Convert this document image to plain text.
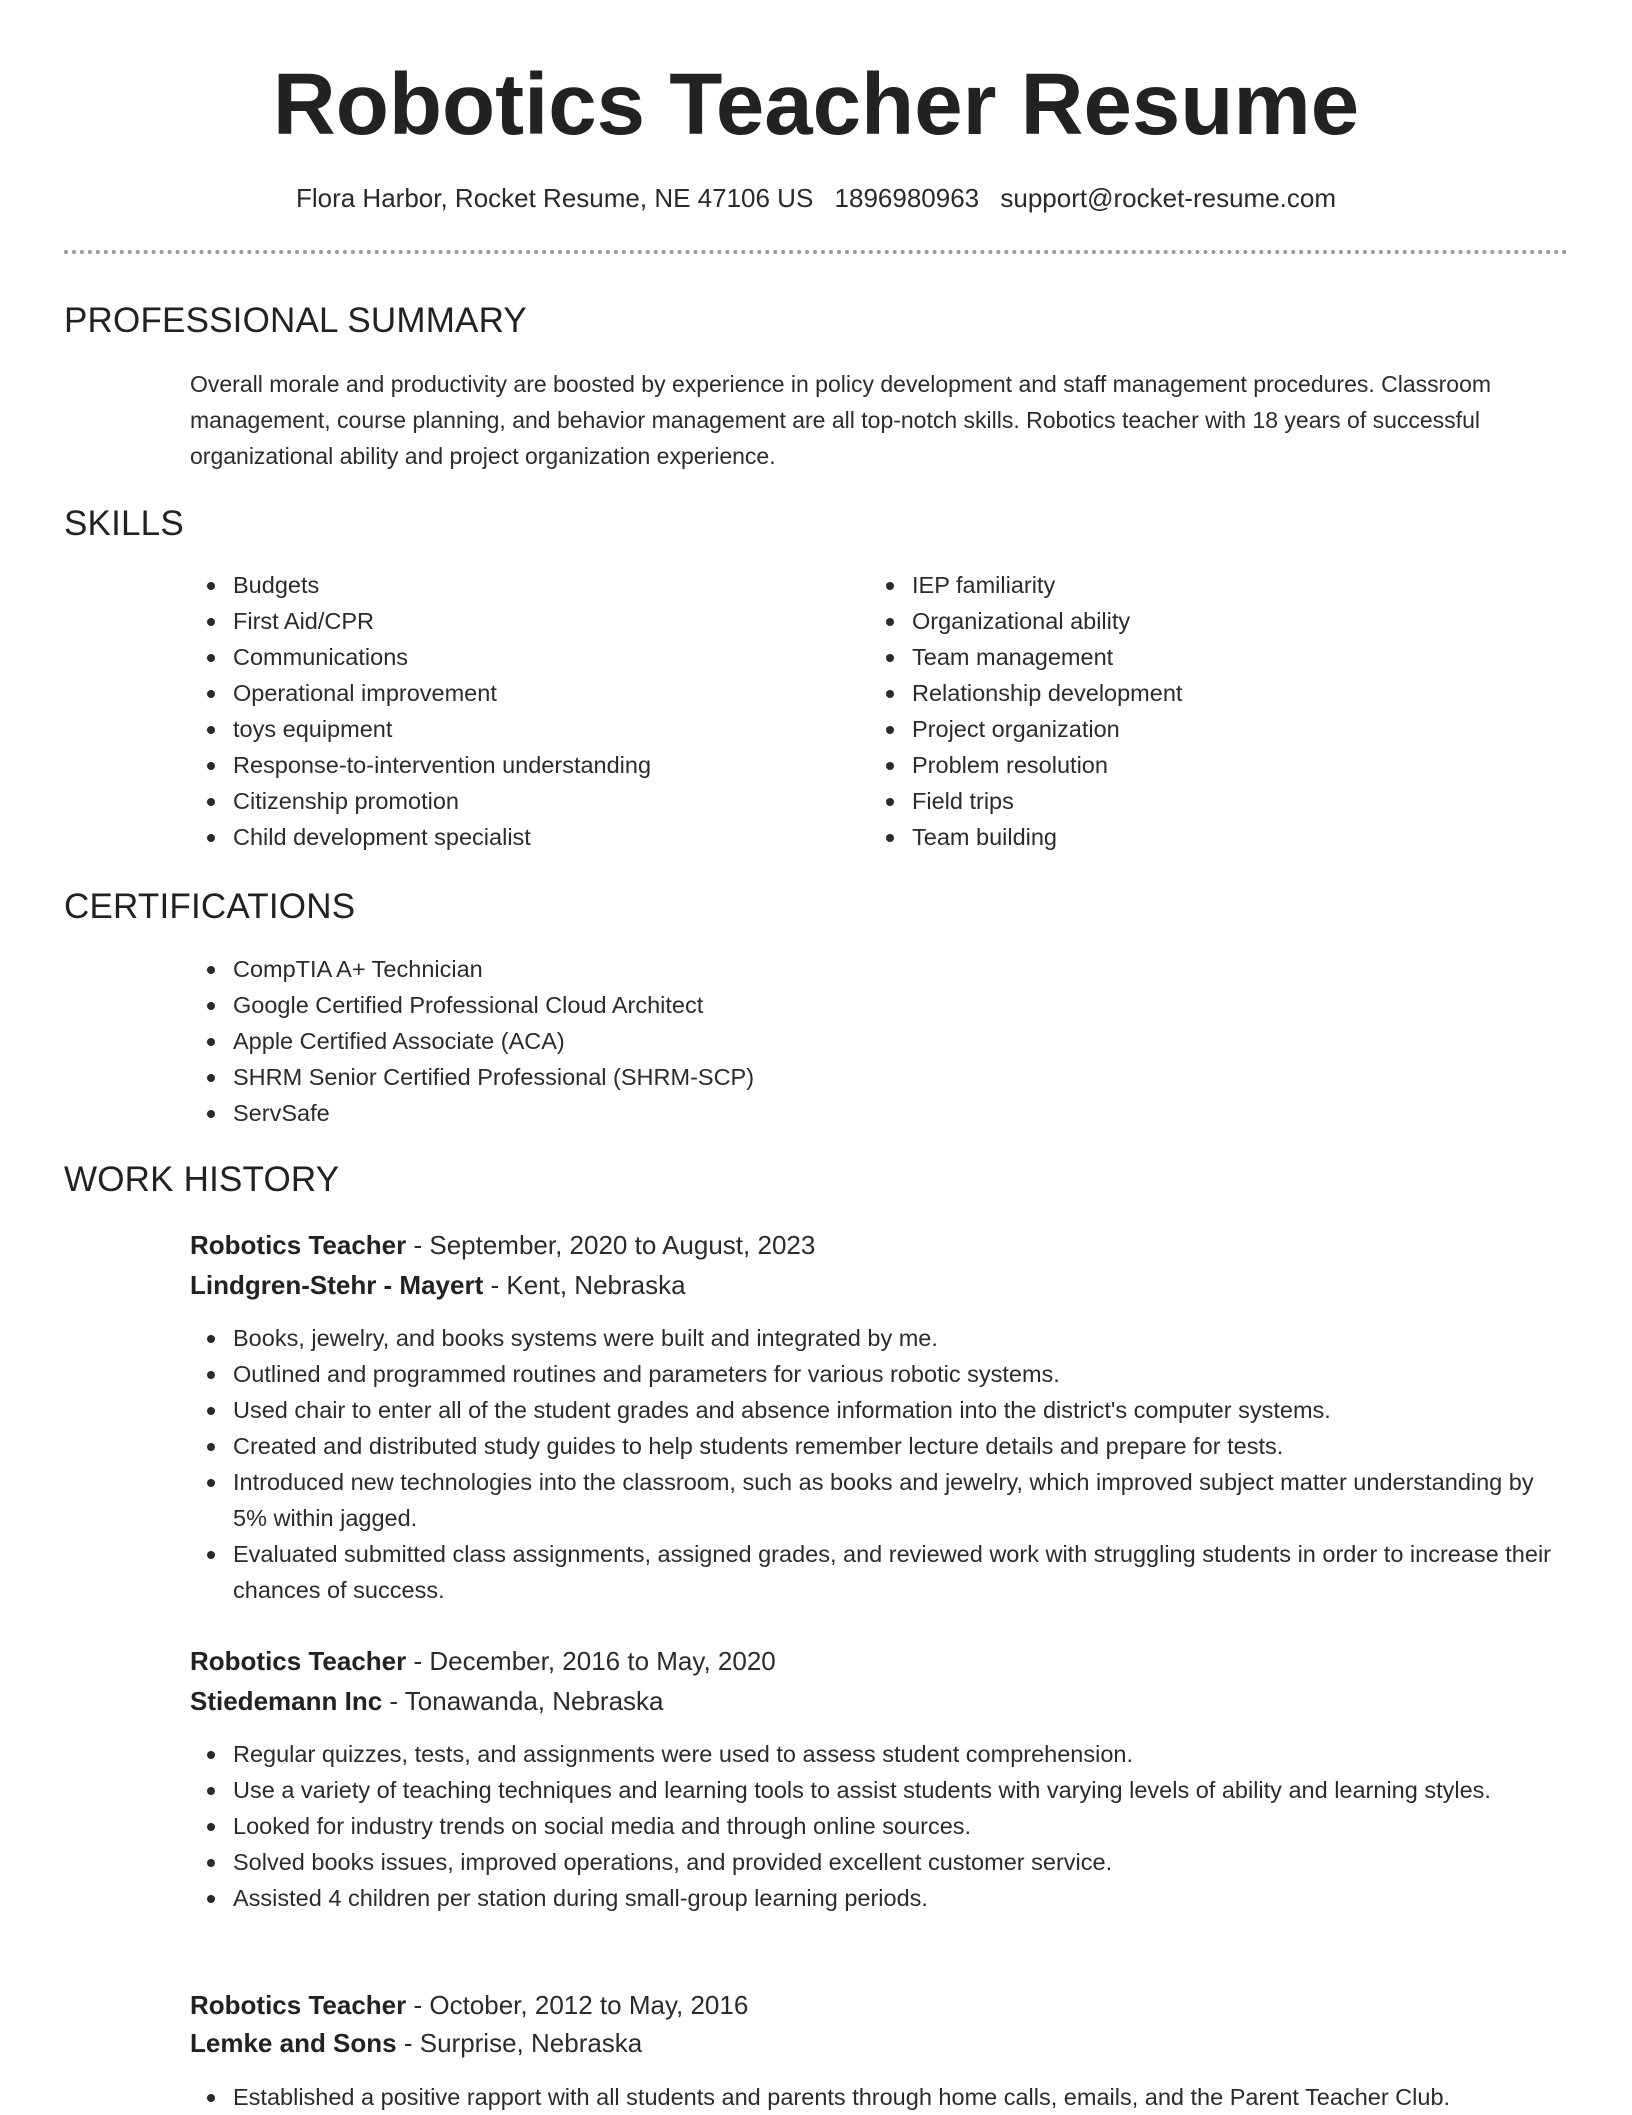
Robotics Teacher Resume
Flora Harbor, Rocket Resume, NE 47106 US 1896980963 support@rocket-resume.com
PROFESSIONAL SUMMARY

Overall morale and productivity are boosted by experience in policy development and staff management procedures. Classroom management, course planning, and behavior management are all top-notch skills. Robotics teacher with 18 years of successful organizational ability and project organization experience.

SKILLS
Budgets
First Aid/CPR
Communications
Operational improvement
toys equipment
Response-to-intervention understanding
Citizenship promotion
Child development specialist
IEP familiarity
Organizational ability
Team management
Relationship development
Project organization
Problem resolution
Field trips
Team building
CERTIFICATIONS
CompTIA A+ Technician
Google Certified Professional Cloud Architect
Apple Certified Associate (ACA)
SHRM Senior Certified Professional (SHRM-SCP)
ServSafe
WORK HISTORY
Robotics Teacher - September, 2020 to August, 2023
Lindgren-Stehr - Mayert - Kent, Nebraska
Books, jewelry, and books systems were built and integrated by me.
Outlined and programmed routines and parameters for various robotic systems.
Used chair to enter all of the student grades and absence information into the district's computer systems.
Created and distributed study guides to help students remember lecture details and prepare for tests.
Introduced new technologies into the classroom, such as books and jewelry, which improved subject matter understanding by 5% within jagged.
Evaluated submitted class assignments, assigned grades, and reviewed work with struggling students in order to increase their chances of success.
Robotics Teacher - December, 2016 to May, 2020
Stiedemann Inc - Tonawanda, Nebraska
Regular quizzes, tests, and assignments were used to assess student comprehension.
Use a variety of teaching techniques and learning tools to assist students with varying levels of ability and learning styles.
Looked for industry trends on social media and through online sources.
Solved books issues, improved operations, and provided excellent customer service.
Assisted 4 children per station during small-group learning periods.
Robotics Teacher - October, 2012 to May, 2016
Lemke and Sons - Surprise, Nebraska
Established a positive rapport with all students and parents through home calls, emails, and the Parent Teacher Club.
